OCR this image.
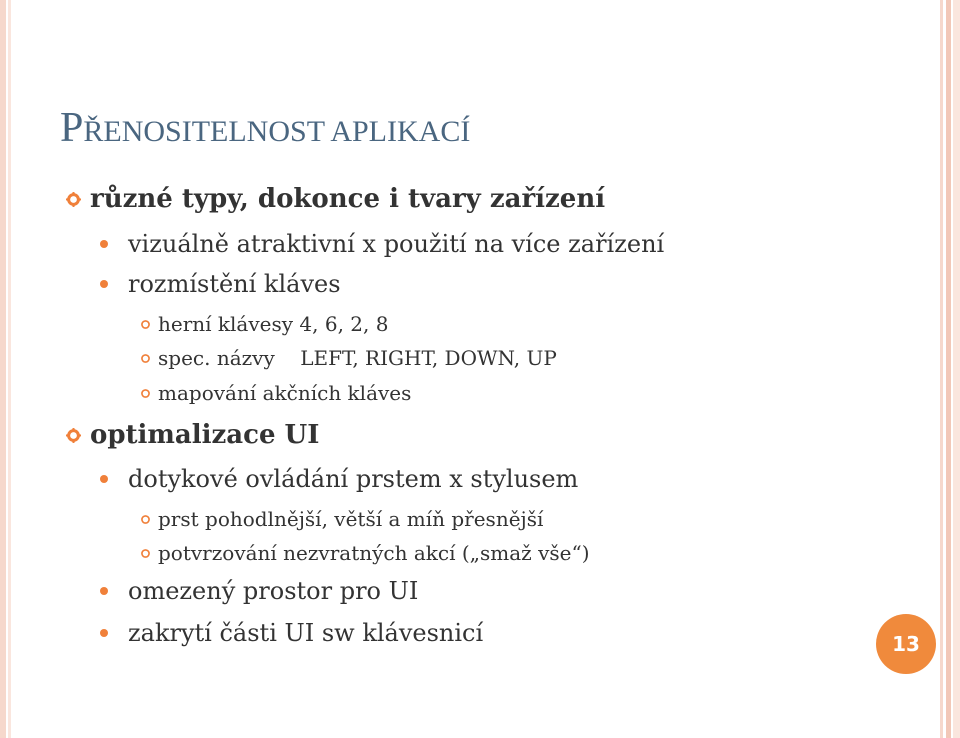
PŘENOSITELNOST APLIKACÍ
různé typy, dokonce i tvary zařízení
vizuálně atraktivní x použití na více zařízení
rozmístění kláves
herní klávesy 4, 6, 2, 8

spec. názvy    LEFT, RIGHT, DOWN, UP

mapování akčních kláves
optimalizace UI
dotykové ovládání prstem x stylusem
prst pohodlnější, větší a míň přesnější
potvrzování nezvratných akcí („smaž vše“)
omezený prostor pro UI
zakrytí části UI sw klávesnicí	13
